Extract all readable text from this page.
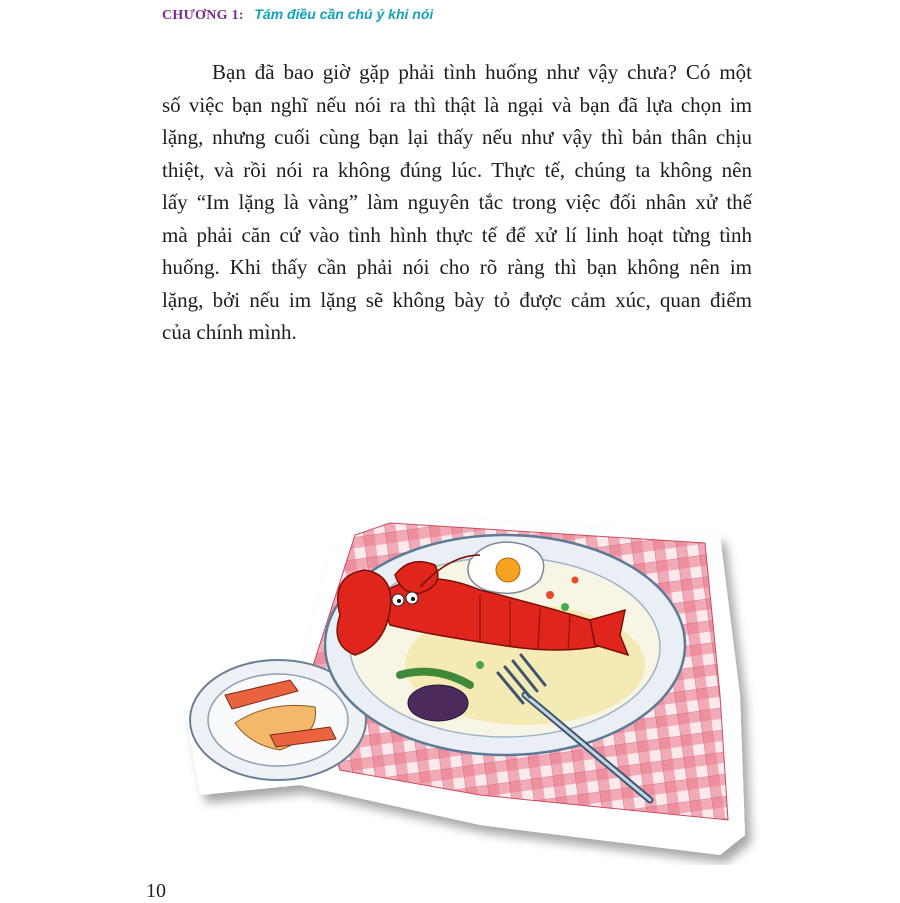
CHƯƠNG 1: Tám điều cần chú ý khi nói
Bạn đã bao giờ gặp phải tình huống như vậy chưa? Có một
số việc bạn nghĩ nếu nói ra thì thật là ngại và bạn đã lựa chọn im
lặng, nhưng cuối cùng bạn lại thấy nếu như vậy thì bản thân chịu
thiệt, và rồi nói ra không đúng lúc. Thực tế, chúng ta không nên
lấy “Im lặng là vàng” làm nguyên tắc trong việc đối nhân xử thế
mà phải căn cứ vào tình hình thực tế để xử lí linh hoạt từng tình
huống. Khi thấy cần phải nói cho rõ ràng thì bạn không nên im
lặng, bởi nếu im lặng sẽ không bày tỏ được cảm xúc, quan điểm
của chính mình.
10
